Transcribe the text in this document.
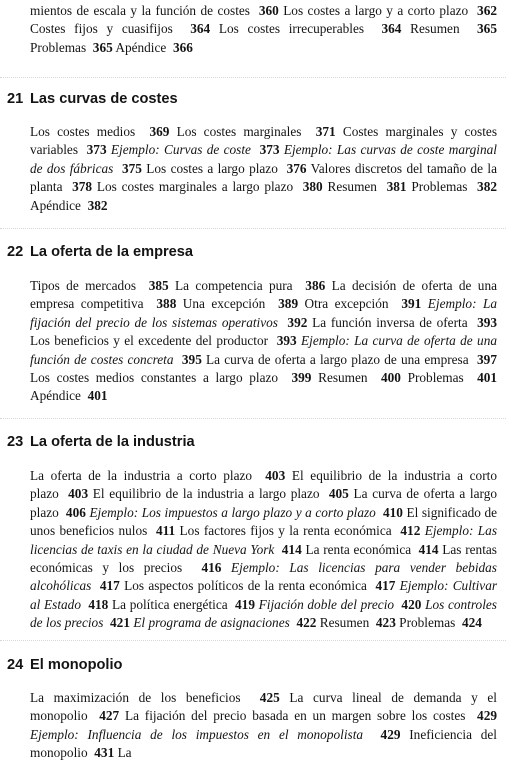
mientos de escala y la función de costes 360 Los costes a largo y a corto plazo 362 Costes fijos y cuasifijos 364 Los costes irrecuperables 364 Resumen 365 Problemas 365 Apéndice 366
21 Las curvas de costes
Los costes medios 369 Los costes marginales 371 Costes marginales y costes variables 373 Ejemplo: Curvas de coste 373 Ejemplo: Las curvas de coste marginal de dos fábricas 375 Los costes a largo plazo 376 Valores discretos del tamaño de la planta 378 Los costes marginales a largo plazo 380 Resumen 381 Problemas 382 Apéndice 382
22 La oferta de la empresa
Tipos de mercados 385 La competencia pura 386 La decisión de oferta de una empresa competitiva 388 Una excepción 389 Otra excepción 391 Ejemplo: La fijación del precio de los sistemas operativos 392 La función inversa de oferta 393 Los beneficios y el excedente del productor 393 Ejemplo: La curva de oferta de una función de costes concreta 395 La curva de oferta a largo plazo de una empresa 397 Los costes medios constantes a largo plazo 399 Resumen 400 Problemas 401 Apéndice 401
23 La oferta de la industria
La oferta de la industria a corto plazo 403 El equilibrio de la industria a corto plazo 403 El equilibrio de la industria a largo plazo 405 La curva de oferta a largo plazo 406 Ejemplo: Los impuestos a largo plazo y a corto plazo 410 El significado de unos beneficios nulos 411 Los factores fijos y la renta económica 412 Ejemplo: Las licencias de taxis en la ciudad de Nueva York 414 La renta económica 414 Las rentas económicas y los precios 416 Ejemplo: Las licencias para vender bebidas alcohólicas 417 Los aspectos políticos de la renta económica 417 Ejemplo: Cultivar al Estado 418 La política energética 419 Fijación doble del precio 420 Los controles de los precios 421 El programa de asignaciones 422 Resumen 423 Problemas 424
24 El monopolio
La maximización de los beneficios 425 La curva lineal de demanda y el monopolio 427 La fijación del precio basada en un margen sobre los costes 429 Ejemplo: Influencia de los impuestos en el monopolista 429 Ineficiencia del monopolio 431 La
